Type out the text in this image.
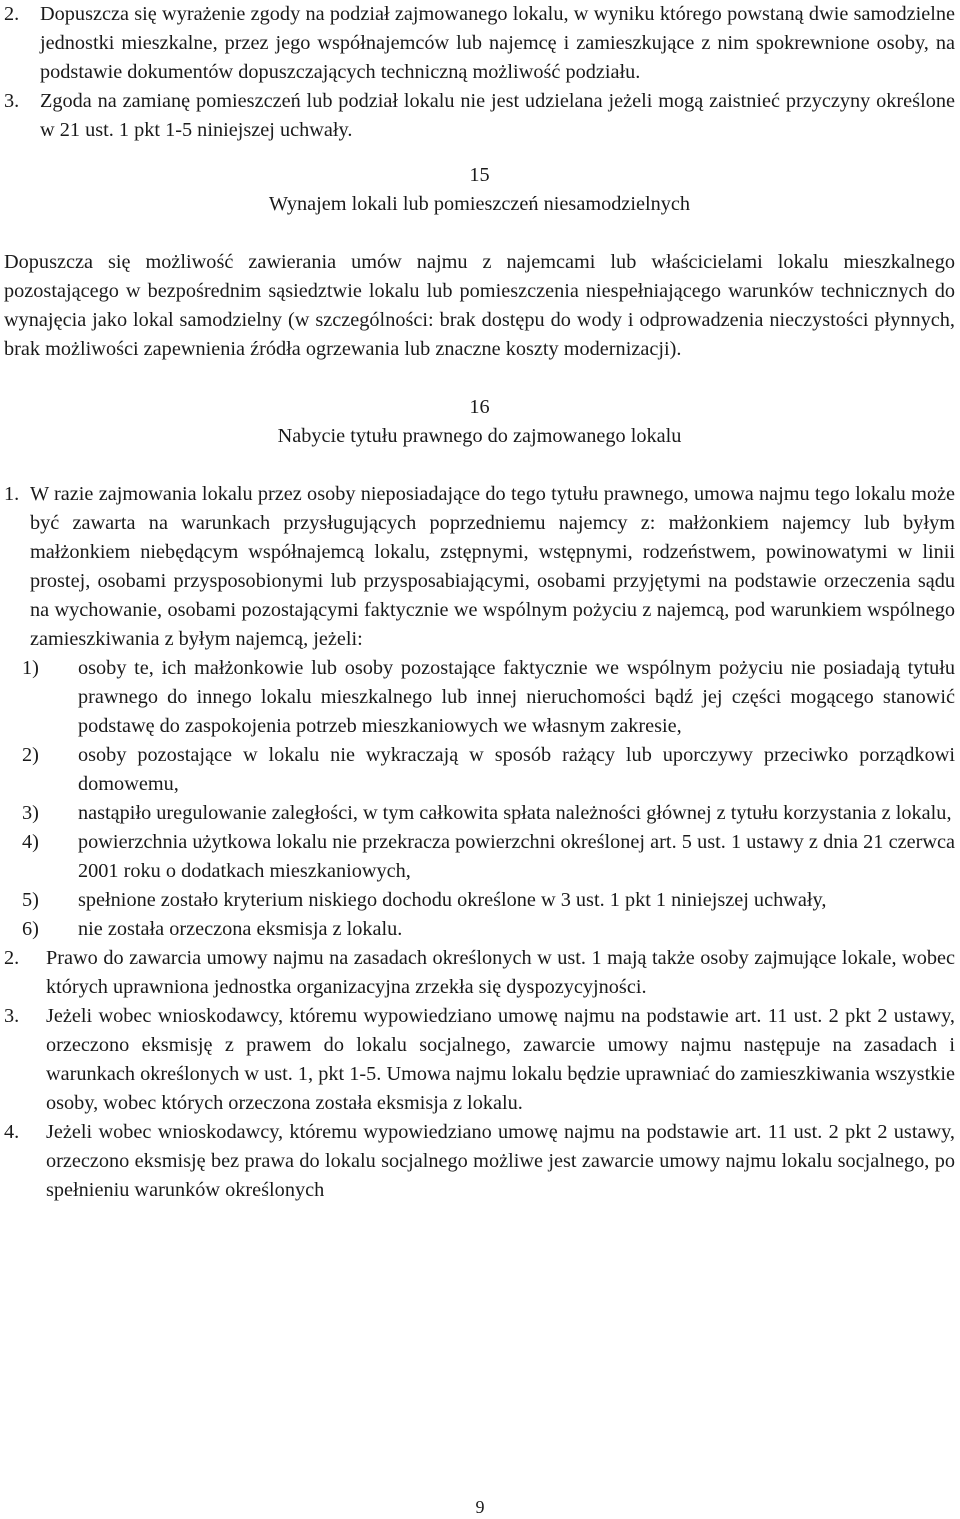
2.	Dopuszcza się wyrażenie zgody na podział zajmowanego lokalu, w wyniku którego powstaną dwie samodzielne jednostki mieszkalne, przez jego współnajemców lub najemcę i zamieszkujące z nim spokrewnione osoby, na podstawie dokumentów dopuszczających techniczną możliwość podziału.
3.	Zgoda na zamianę pomieszczeń lub podział lokalu nie jest udzielana jeżeli mogą zaistnieć przyczyny określone w 21 ust. 1 pkt 1-5 niniejszej uchwały.

15

Wynajem lokali lub pomieszczeń niesamodzielnych

Dopuszcza się możliwość zawierania umów najmu z najemcami lub właścicielami lokalu mieszkalnego pozostającego w bezpośrednim sąsiedztwie lokalu lub pomieszczenia niespełniającego warunków technicznych do wynajęcia jako lokal samodzielny (w szczególności: brak dostępu do wody i odprowadzenia nieczystości płynnych, brak możliwości zapewnienia źródła ogrzewania lub znaczne koszty modernizacji).

16

Nabycie tytułu prawnego do zajmowanego lokalu

1. W razie zajmowania lokalu przez osoby nieposiadające do tego tytułu prawnego, umowa najmu tego lokalu może być zawarta na warunkach przysługujących poprzedniemu najemcy z: małżonkiem najemcy lub byłym małżonkiem niebędącym współnajemcą lokalu, zstępnymi, wstępnymi, rodzeństwem, powinowatymi w linii prostej, osobami przysposobionymi lub przysposabiającymi, osobami przyjętymi na podstawie orzeczenia sądu na wychowanie, osobami pozostającymi faktycznie we wspólnym pożyciu z najemcą, pod warunkiem wspólnego zamieszkiwania z byłym najemcą, jeżeli:
1)	osoby te, ich małżonkowie lub osoby pozostające faktycznie we wspólnym pożyciu nie posiadają tytułu prawnego do innego lokalu mieszkalnego lub innej nieruchomości bądź jej części mogącego stanowić podstawę do zaspokojenia potrzeb mieszkaniowych we własnym zakresie,
2)	osoby pozostające w lokalu nie wykraczają w sposób rażący lub uporczywy przeciwko porządkowi domowemu,
3)	nastąpiło uregulowanie zaległości, w tym całkowita spłata należności głównej z tytułu korzystania z lokalu,
4)	powierzchnia użytkowa lokalu nie przekracza powierzchni określonej art. 5 ust. 1 ustawy z dnia 21 czerwca 2001 roku o dodatkach mieszkaniowych,
5)	spełnione zostało kryterium niskiego dochodu określone w 3 ust. 1 pkt 1 niniejszej uchwały,
6)	nie została orzeczona eksmisja z lokalu.
2.	Prawo do zawarcia umowy najmu na zasadach określonych w ust. 1 mają także osoby zajmujące lokale, wobec których uprawniona jednostka organizacyjna zrzekła się dyspozycyjności.
3.	Jeżeli wobec wnioskodawcy, któremu wypowiedziano umowę najmu na podstawie art. 11 ust. 2 pkt 2 ustawy, orzeczono eksmisję z prawem do lokalu socjalnego, zawarcie umowy najmu następuje na zasadach i warunkach określonych w ust. 1, pkt 1-5. Umowa najmu lokalu będzie uprawniać do zamieszkiwania wszystkie osoby, wobec których orzeczona została eksmisja z lokalu.
4.	Jeżeli wobec wnioskodawcy, któremu wypowiedziano umowę najmu na podstawie art. 11 ust. 2 pkt 2 ustawy, orzeczono eksmisję bez prawa do lokalu socjalnego możliwe jest zawarcie umowy najmu lokalu socjalnego, po spełnieniu warunków określonych
9
